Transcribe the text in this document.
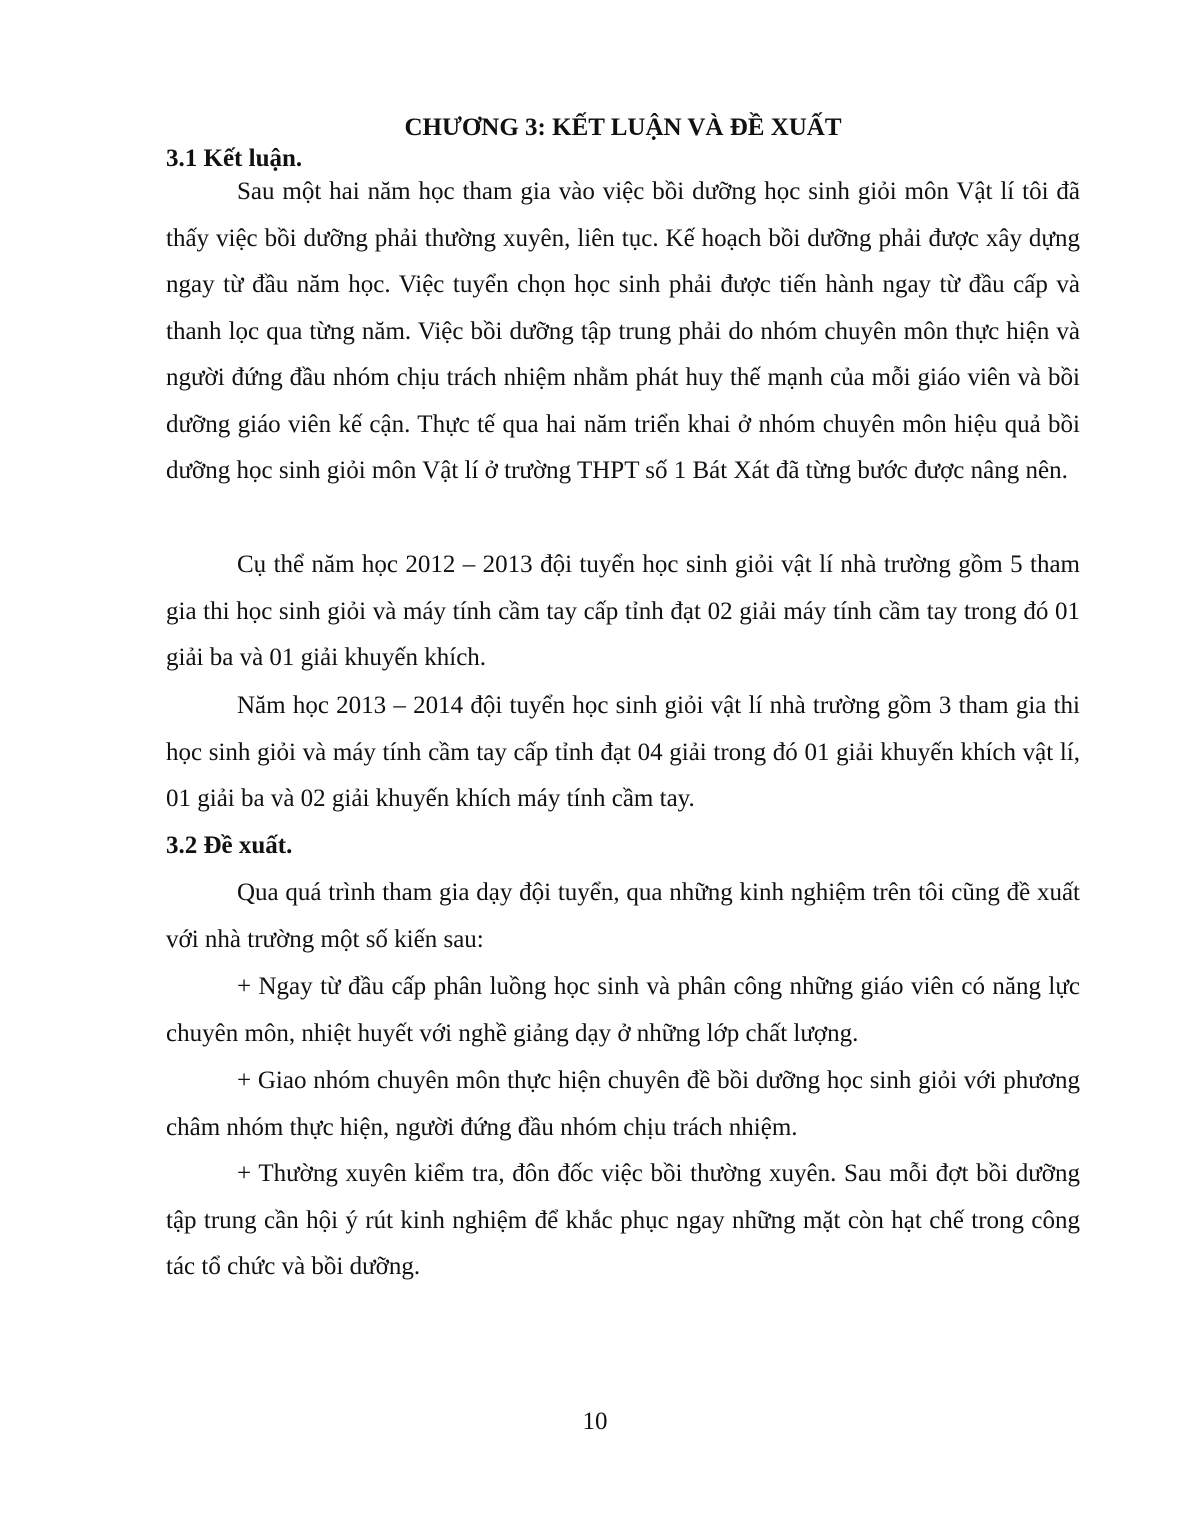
CHƯƠNG 3: KẾT LUẬN VÀ ĐỀ XUẤT
3.1 Kết luận.

Sau một hai năm học tham gia vào việc bồi dưỡng học sinh giỏi môn Vật lí tôi đã thấy việc bồi dưỡng phải thường xuyên, liên tục. Kế hoạch bồi dưỡng phải được xây dựng ngay từ đầu năm học. Việc tuyển chọn học sinh phải được tiến hành ngay từ đầu cấp và thanh lọc qua từng năm. Việc bồi dưỡng tập trung phải do nhóm chuyên môn thực hiện và người đứng đầu nhóm chịu trách nhiệm nhằm phát huy thế mạnh của mỗi giáo viên và bồi dưỡng giáo viên kế cận. Thực tế qua hai năm triển khai ở nhóm chuyên môn hiệu quả bồi dưỡng học sinh giỏi môn Vật lí ở trường THPT số 1 Bát Xát đã từng bước được nâng nên.

Cụ thể năm học 2012 – 2013 đội tuyển học sinh giỏi vật lí nhà trường gồm 5 tham gia thi học sinh giỏi và máy tính cầm tay cấp tỉnh đạt 02 giải máy tính cầm tay trong đó 01 giải ba và 01 giải khuyến khích.

Năm học 2013 – 2014 đội tuyển học sinh giỏi vật lí nhà trường gồm 3 tham gia thi học sinh giỏi và máy tính cầm tay cấp tỉnh đạt 04 giải trong đó 01 giải khuyến khích vật lí, 01 giải ba và 02 giải khuyến khích máy tính cầm tay.

3.2 Đề xuất.

Qua quá trình tham gia dạy đội tuyển, qua những kinh nghiệm trên tôi cũng đề xuất với nhà trường một số kiến sau:

+ Ngay từ đầu cấp phân luồng học sinh và phân công những giáo viên có năng lực chuyên môn, nhiệt huyết với nghề giảng dạy ở những lớp chất lượng.

+ Giao nhóm chuyên môn thực hiện chuyên đề bồi dưỡng học sinh giỏi với phương châm nhóm thực hiện, người đứng đầu nhóm chịu trách nhiệm.

+ Thường xuyên kiểm tra, đôn đốc việc bồi thường xuyên. Sau mỗi đợt bồi dưỡng tập trung cần hội ý rút kinh nghiệm để khắc phục ngay những mặt còn hạt chế trong công tác tổ chức và bồi dưỡng.

10
